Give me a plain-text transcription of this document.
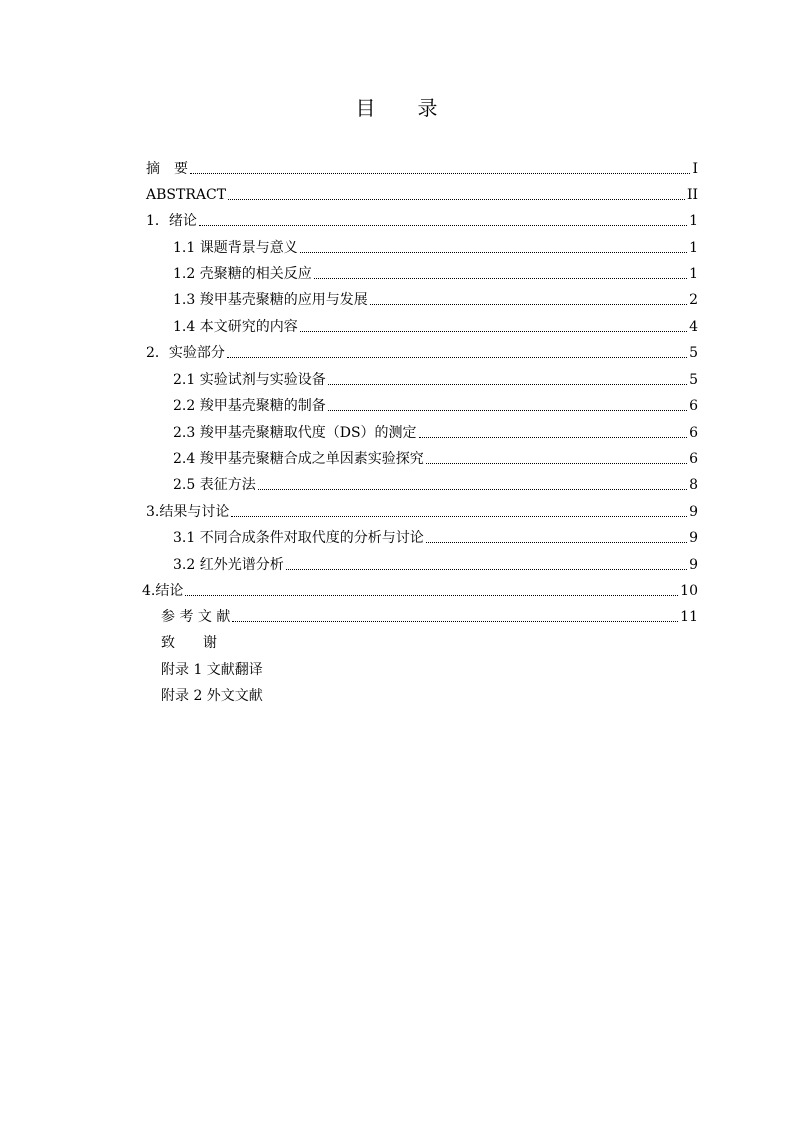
目 录
摘　要	I
ABSTRACT	II
1．绪论	1
1.1 课题背景与意义	1
1.2 壳聚糖的相关反应	1
1.3 羧甲基壳聚糖的应用与发展	2
1.4 本文研究的内容	4
2．实验部分	5
2.1 实验试剂与实验设备	5
2.2 羧甲基壳聚糖的制备	6
2.3 羧甲基壳聚糖取代度（DS）的测定	6
2.4 羧甲基壳聚糖合成之单因素实验探究	6
2.5 表征方法	8
3.结果与讨论	9
3.1 不同合成条件对取代度的分析与讨论	9
3.2 红外光谱分析	9
4.结论	10
参 考 文 献	11
致　　谢
附录 1 文献翻译
附录 2 外文文献
